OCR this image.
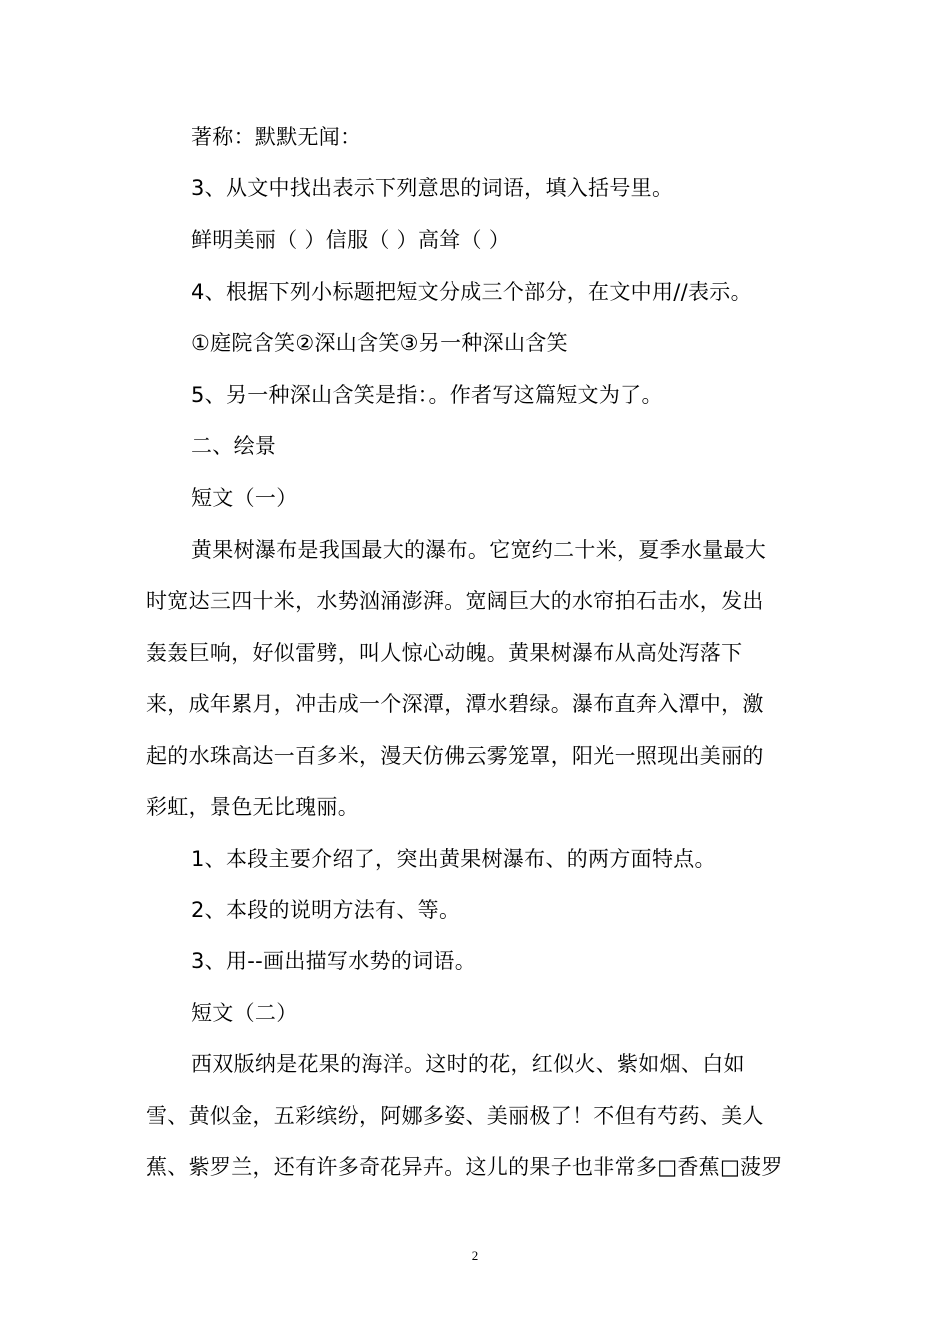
著称：默默无闻：
3、从文中找出表示下列意思的词语，填入括号里。
鲜明美丽（ ）信服（ ）高耸（ ）
4、根据下列小标题把短文分成三个部分，在文中用//表示。
①庭院含笑②深山含笑③另一种深山含笑
5、另一种深山含笑是指：。作者写这篇短文为了。
二、绘景
短文（一）
黄果树瀑布是我国最大的瀑布。它宽约二十米，夏季水量最大
时宽达三四十米，水势汹涌澎湃。宽阔巨大的水帘拍石击水，发出
轰轰巨响，好似雷劈，叫人惊心动魄。黄果树瀑布从高处泻落下
来，成年累月，冲击成一个深潭，潭水碧绿。瀑布直奔入潭中，激
起的水珠高达一百多米，漫天仿佛云雾笼罩，阳光一照现出美丽的
彩虹，景色无比瑰丽。
1、本段主要介绍了，突出黄果树瀑布、的两方面特点。
2、本段的说明方法有、等。
3、用--画出描写水势的词语。
短文（二）
西双版纳是花果的海洋。这时的花，红似火、紫如烟、白如
雪、黄似金，五彩缤纷，阿娜多姿、美丽极了！不但有芍药、美人
蕉、紫罗兰，还有许多奇花异卉。这儿的果子也非常多□香蕉□菠罗
2
